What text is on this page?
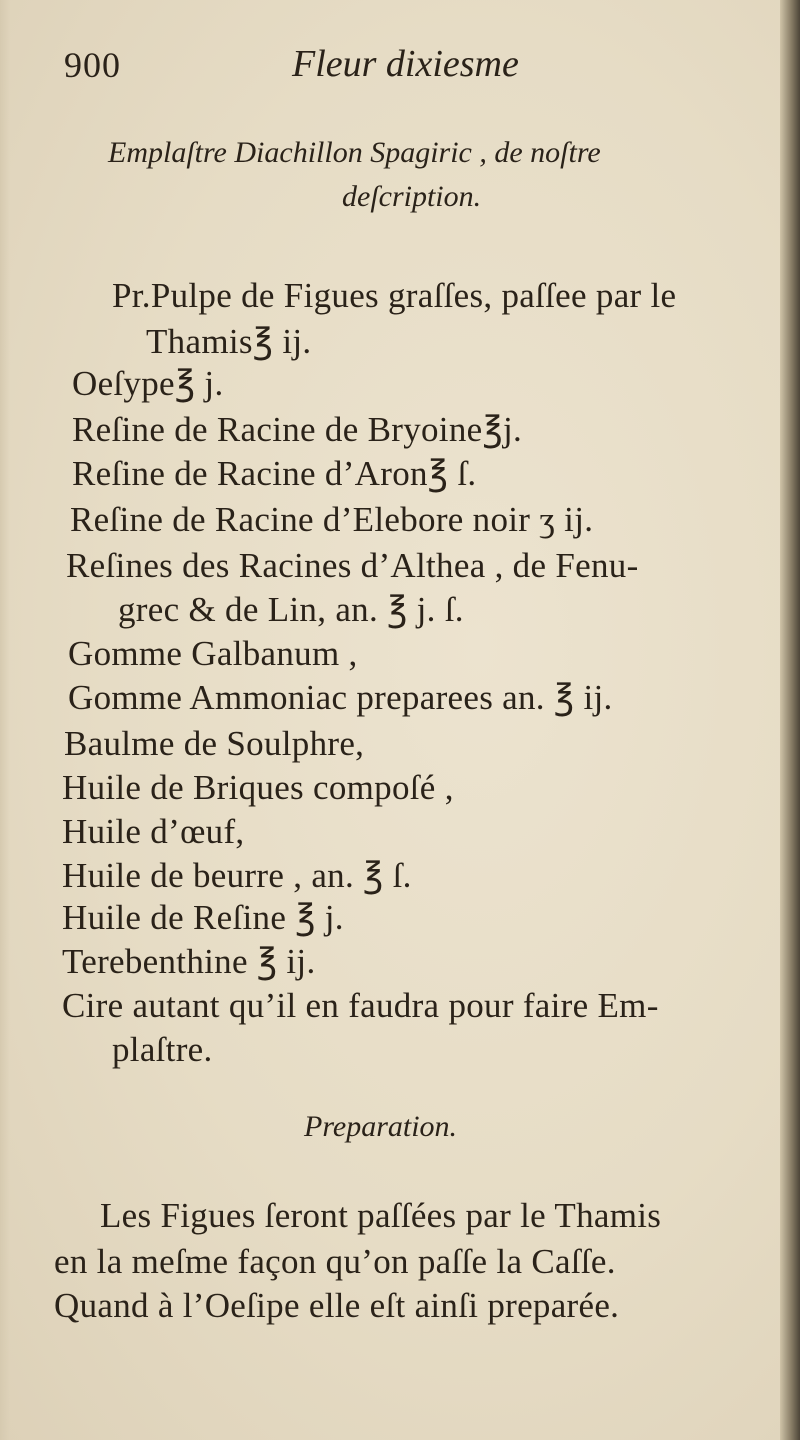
900	Fleur dixiesme
Emplaſtre Diachillon Spagiric , de noſtre
deſcription.
Pr.Pulpe de Figues graſſes, paſſee par le
Thamis℥ ij.
Oeſype℥ j.
Reſine de Racine de Bryoine℥j.
Reſine de Racine d’Aron℥ ſ.
Reſine de Racine d’Elebore noir ʒ ij.
Reſines des Racines d’Althea , de Fenu-
grec & de Lin, an. ℥ j. ſ.
Gomme Galbanum ,
Gomme Ammoniac preparees an. ℥ ij.
Baulme de Soulphre,
Huile de Briques compoſé ,
Huile d’œuf,
Huile de beurre , an. ℥ ſ.
Huile de Reſine ℥ j.
Terebenthine ℥ ij.
Cire autant qu’il en faudra pour faire Em-
plaſtre.
Preparation.
Les Figues ſeront paſſées par le Thamis
en la meſme façon qu’on paſſe la Caſſe.
Quand à l’Oeſipe elle eſt ainſi preparée.
